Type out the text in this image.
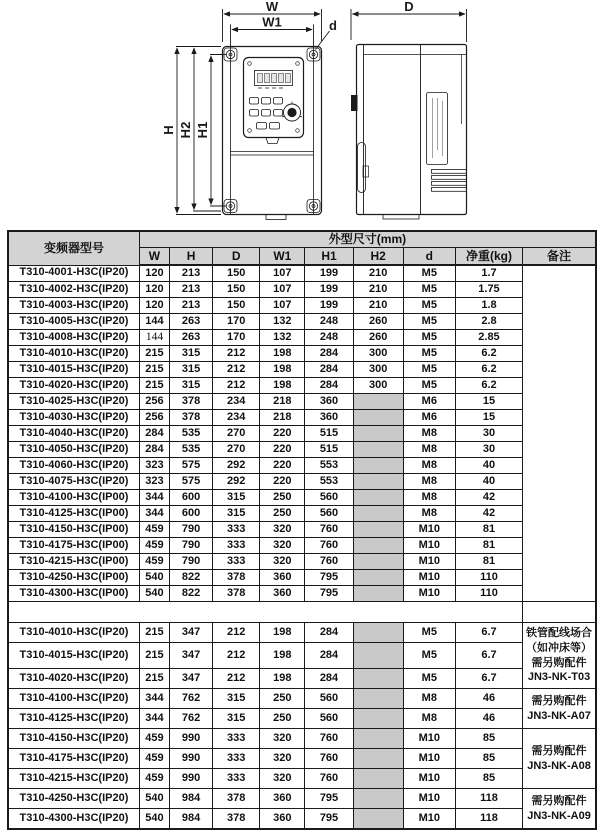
W
W1
H H2 H1
d
D
变频器型号	外型尺寸(mm)								
	W	H	D	W1	H1	H2	d	净重(kg)	备注
T310-4001-H3C(IP20)	120	213	150	107	199	210	M5	1.7	
T310-4002-H3C(IP20)	120	213	150	107	199	210	M5	1.75	
T310-4003-H3C(IP20)	120	213	150	107	199	210	M5	1.8	
T310-4005-H3C(IP20)	144	263	170	132	248	260	M5	2.8	
T310-4008-H3C(IP20)	144	263	170	132	248	260	M5	2.85	
T310-4010-H3C(IP20)	215	315	212	198	284	300	M5	6.2	
T310-4015-H3C(IP20)	215	315	212	198	284	300	M5	6.2	
T310-4020-H3C(IP20)	215	315	212	198	284	300	M5	6.2	
T310-4025-H3C(IP20)	256	378	234	218	360		M6	15	
T310-4030-H3C(IP20)	256	378	234	218	360		M6	15	
T310-4040-H3C(IP20)	284	535	270	220	515		M8	30	
T310-4050-H3C(IP20)	284	535	270	220	515		M8	30	
T310-4060-H3C(IP20)	323	575	292	220	553		M8	40	
T310-4075-H3C(IP20)	323	575	292	220	553		M8	40	
T310-4100-H3C(IP00)	344	600	315	250	560		M8	42	
T310-4125-H3C(IP00)	344	600	315	250	560		M8	42	
T310-4150-H3C(IP00)	459	790	333	320	760		M10	81	
T310-4175-H3C(IP00)	459	790	333	320	760		M10	81	
T310-4215-H3C(IP00)	459	790	333	320	760		M10	81	
T310-4250-H3C(IP00)	540	822	378	360	795		M10	110	
T310-4300-H3C(IP00)	540	822	378	360	795		M10	110	

T310-4010-H3C(IP20)	215	347	212	198	284		M5	6.7	铁管配线场合
（如冲床等）
需另购配件
JN3-NK-T03

T310-4015-H3C(IP20)	215	347	212	198	284		M5	6.7	
T310-4020-H3C(IP20)	215	347	212	198	284		M5	6.7	
T310-4100-H3C(IP20)	344	762	315	250	560		M8	46	需另购配件
JN3-NK-A07

T310-4125-H3C(IP20)	344	762	315	250	560		M8	46	
T310-4150-H3C(IP20)	459	990	333	320	760		M10	85	需另购配件
JN3-NK-A08

T310-4175-H3C(IP20)	459	990	333	320	760		M10	85	
T310-4215-H3C(IP20)	459	990	333	320	760		M10	85	
T310-4250-H3C(IP20)	540	984	378	360	795		M10	118	需另购配件
JN3-NK-A09

T310-4300-H3C(IP20)	540	984	378	360	795		M10	118	
